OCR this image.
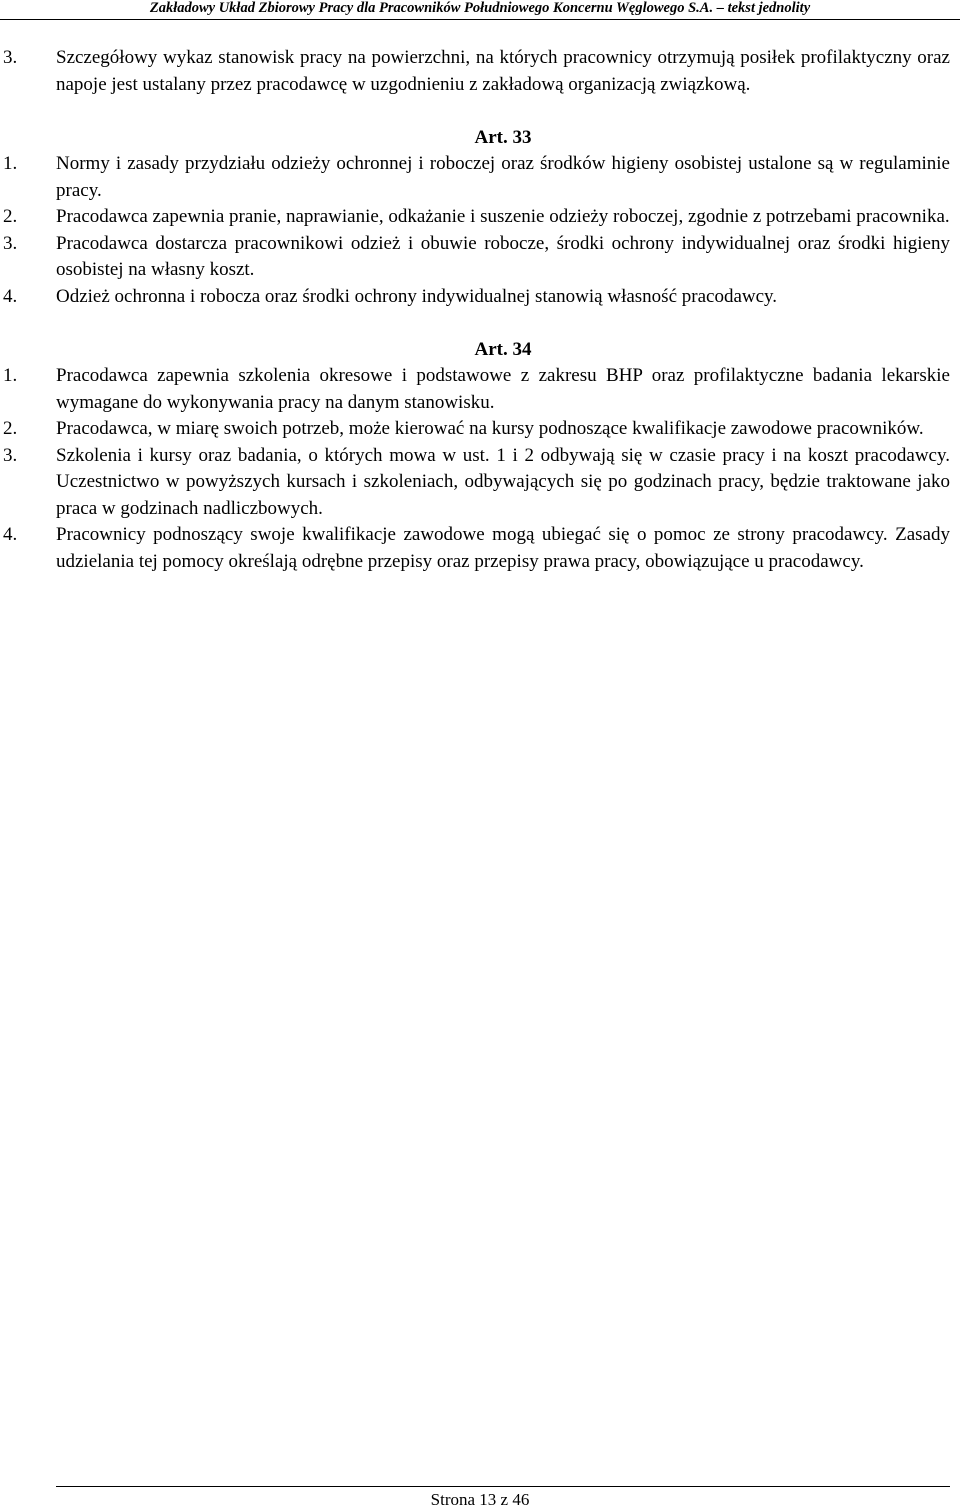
Zakładowy Układ Zbiorowy Pracy dla Pracowników Południowego Koncernu Węglowego S.A. – tekst jednolity

3. Szczegółowy wykaz stanowisk pracy na powierzchni, na których pracownicy otrzymują posiłek profilaktyczny oraz napoje jest ustalany przez pracodawcę w uzgodnieniu z zakładową organizacją związkową.

Art. 33

1. Normy i zasady przydziału odzieży ochronnej i roboczej oraz środków higieny osobistej ustalone są w regulaminie pracy.

2. Pracodawca zapewnia pranie, naprawianie, odkażanie i suszenie odzieży roboczej, zgodnie z potrzebami pracownika.

3. Pracodawca dostarcza pracownikowi odzież i obuwie robocze, środki ochrony indywidualnej oraz środki higieny osobistej na własny koszt.

4. Odzież ochronna i robocza oraz środki ochrony indywidualnej stanowią własność pracodawcy.

Art. 34

1. Pracodawca zapewnia szkolenia okresowe i podstawowe z zakresu BHP oraz profilaktyczne badania lekarskie wymagane do wykonywania pracy na danym stanowisku.

2. Pracodawca, w miarę swoich potrzeb, może kierować na kursy podnoszące kwalifikacje zawodowe pracowników.

3. Szkolenia i kursy oraz badania, o których mowa w ust. 1 i 2 odbywają się w czasie pracy i na koszt pracodawcy. Uczestnictwo w powyższych kursach i szkoleniach, odbywających się po godzinach pracy, będzie traktowane jako praca w godzinach nadliczbowych.

4. Pracownicy podnoszący swoje kwalifikacje zawodowe mogą ubiegać się o pomoc ze strony pracodawcy. Zasady udzielania tej pomocy określają odrębne przepisy oraz przepisy prawa pracy, obowiązujące u pracodawcy.

Strona 13 z 46
